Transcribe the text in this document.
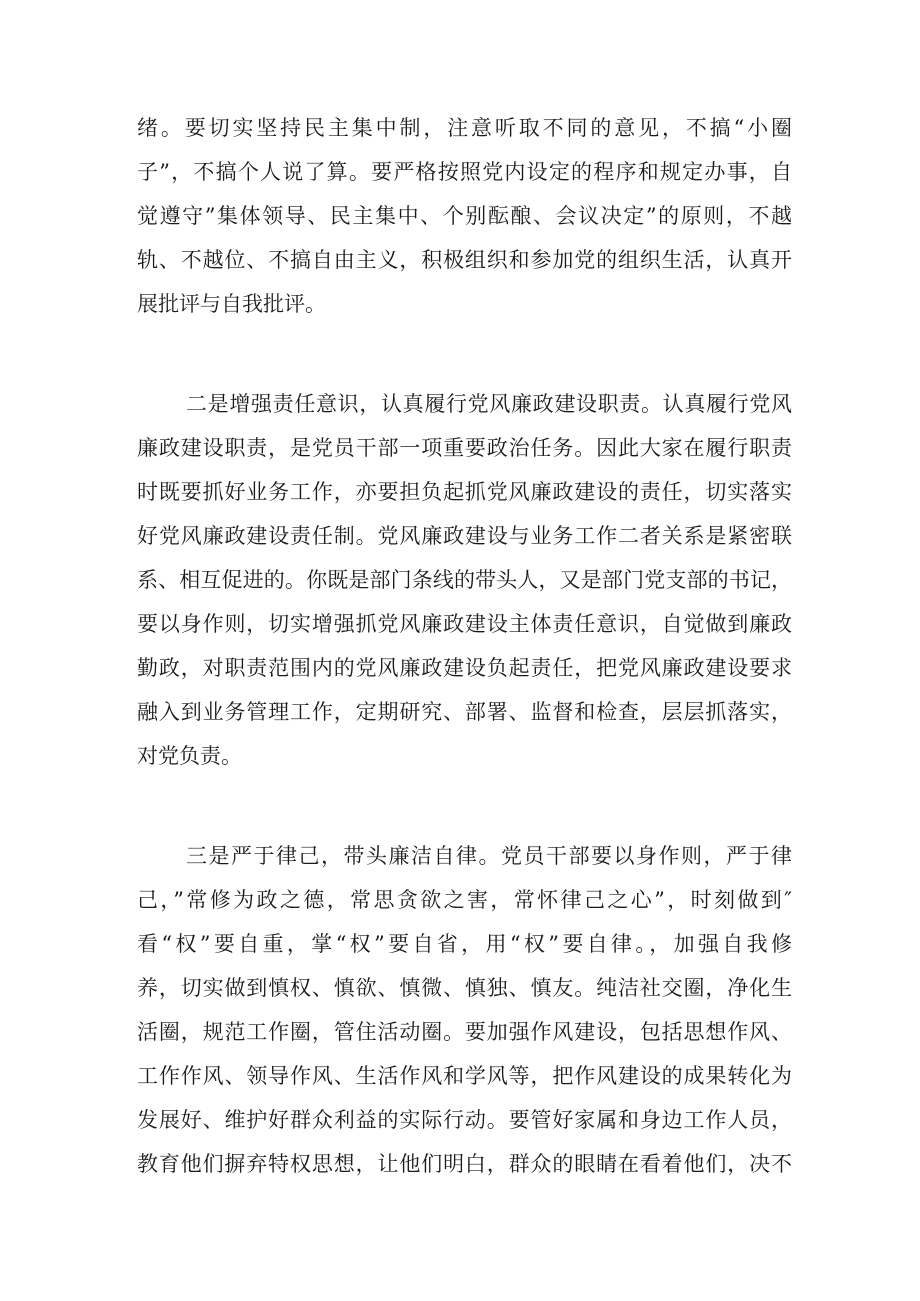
绪。要切实坚持民主集中制，注意听取不同的意见，不搞“小圈
子”，不搞个人说了算。要严格按照党内设定的程序和规定办事，自
觉遵守”集体领导、民主集中、个别酝酿、会议决定”的原则，不越
轨、不越位、不搞自由主义，积极组织和参加党的组织生活，认真开
展批评与自我批评。
二是增强责任意识，认真履行党风廉政建设职责。认真履行党风
廉政建设职责，是党员干部一项重要政治任务。因此大家在履行职责
时既要抓好业务工作，亦要担负起抓党风廉政建设的责任，切实落实
好党风廉政建设责任制。党风廉政建设与业务工作二者关系是紧密联
系、相互促进的。你既是部门条线的带头人，又是部门党支部的书记，
要以身作则，切实增强抓党风廉政建设主体责任意识，自觉做到廉政
勤政，对职责范围内的党风廉政建设负起责任，把党风廉政建设要求
融入到业务管理工作，定期研究、部署、监督和检查，层层抓落实，
对党负责。
三是严于律己，带头廉洁自律。党员干部要以身作则，严于律
己，”常修为政之德，常思贪欲之害，常怀律己之心”，时刻做到″
看“权”要自重，掌“权”要自省，用“权”要自律。，加强自我修
养，切实做到慎权、慎欲、慎微、慎独、慎友。纯洁社交圈，净化生
活圈，规范工作圈，管住活动圈。要加强作风建设，包括思想作风、
工作作风、领导作风、生活作风和学风等，把作风建设的成果转化为
发展好、维护好群众利益的实际行动。要管好家属和身边工作人员，
教育他们摒弃特权思想，让他们明白，群众的眼睛在看着他们，决不
